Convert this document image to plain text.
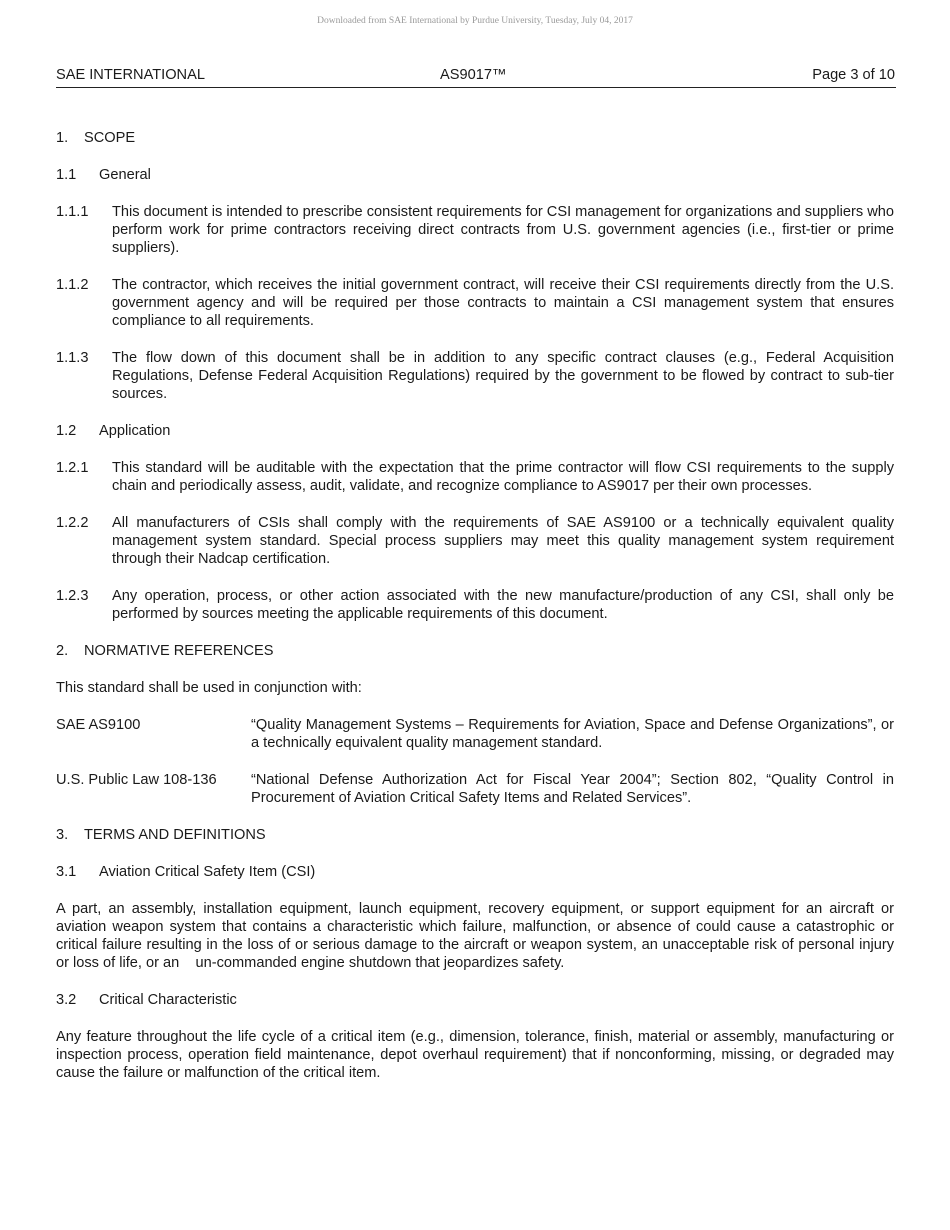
Downloaded from SAE International by Purdue University, Tuesday, July 04, 2017
SAE INTERNATIONAL	AS9017™	Page 3 of 10
1. SCOPE
1.1 General
1.1.1 This document is intended to prescribe consistent requirements for CSI management for organizations and suppliers who perform work for prime contractors receiving direct contracts from U.S. government agencies (i.e., first-tier or prime suppliers).
1.1.2 The contractor, which receives the initial government contract, will receive their CSI requirements directly from the U.S. government agency and will be required per those contracts to maintain a CSI management system that ensures compliance to all requirements.
1.1.3 The flow down of this document shall be in addition to any specific contract clauses (e.g., Federal Acquisition Regulations, Defense Federal Acquisition Regulations) required by the government to be flowed by contract to sub-tier sources.
1.2 Application
1.2.1 This standard will be auditable with the expectation that the prime contractor will flow CSI requirements to the supply chain and periodically assess, audit, validate, and recognize compliance to AS9017 per their own processes.
1.2.2 All manufacturers of CSIs shall comply with the requirements of SAE AS9100 or a technically equivalent quality management system standard. Special process suppliers may meet this quality management system requirement through their Nadcap certification.
1.2.3 Any operation, process, or other action associated with the new manufacture/production of any CSI, shall only be performed by sources meeting the applicable requirements of this document.
2. NORMATIVE REFERENCES
This standard shall be used in conjunction with:
SAE AS9100	“Quality Management Systems – Requirements for Aviation, Space and Defense Organizations”, or a technically equivalent quality management standard.
U.S. Public Law 108-136 “National Defense Authorization Act for Fiscal Year 2004”; Section 802, “Quality Control in Procurement of Aviation Critical Safety Items and Related Services”.
3. TERMS AND DEFINITIONS
3.1 Aviation Critical Safety Item (CSI)
A part, an assembly, installation equipment, launch equipment, recovery equipment, or support equipment for an aircraft or aviation weapon system that contains a characteristic which failure, malfunction, or absence of could cause a catastrophic or critical failure resulting in the loss of or serious damage to the aircraft or weapon system, an unacceptable risk of personal injury or loss of life, or an    un-commanded engine shutdown that jeopardizes safety.
3.2 Critical Characteristic
Any feature throughout the life cycle of a critical item (e.g., dimension, tolerance, finish, material or assembly, manufacturing or inspection process, operation field maintenance, depot overhaul requirement) that if nonconforming, missing, or degraded may cause the failure or malfunction of the critical item.
